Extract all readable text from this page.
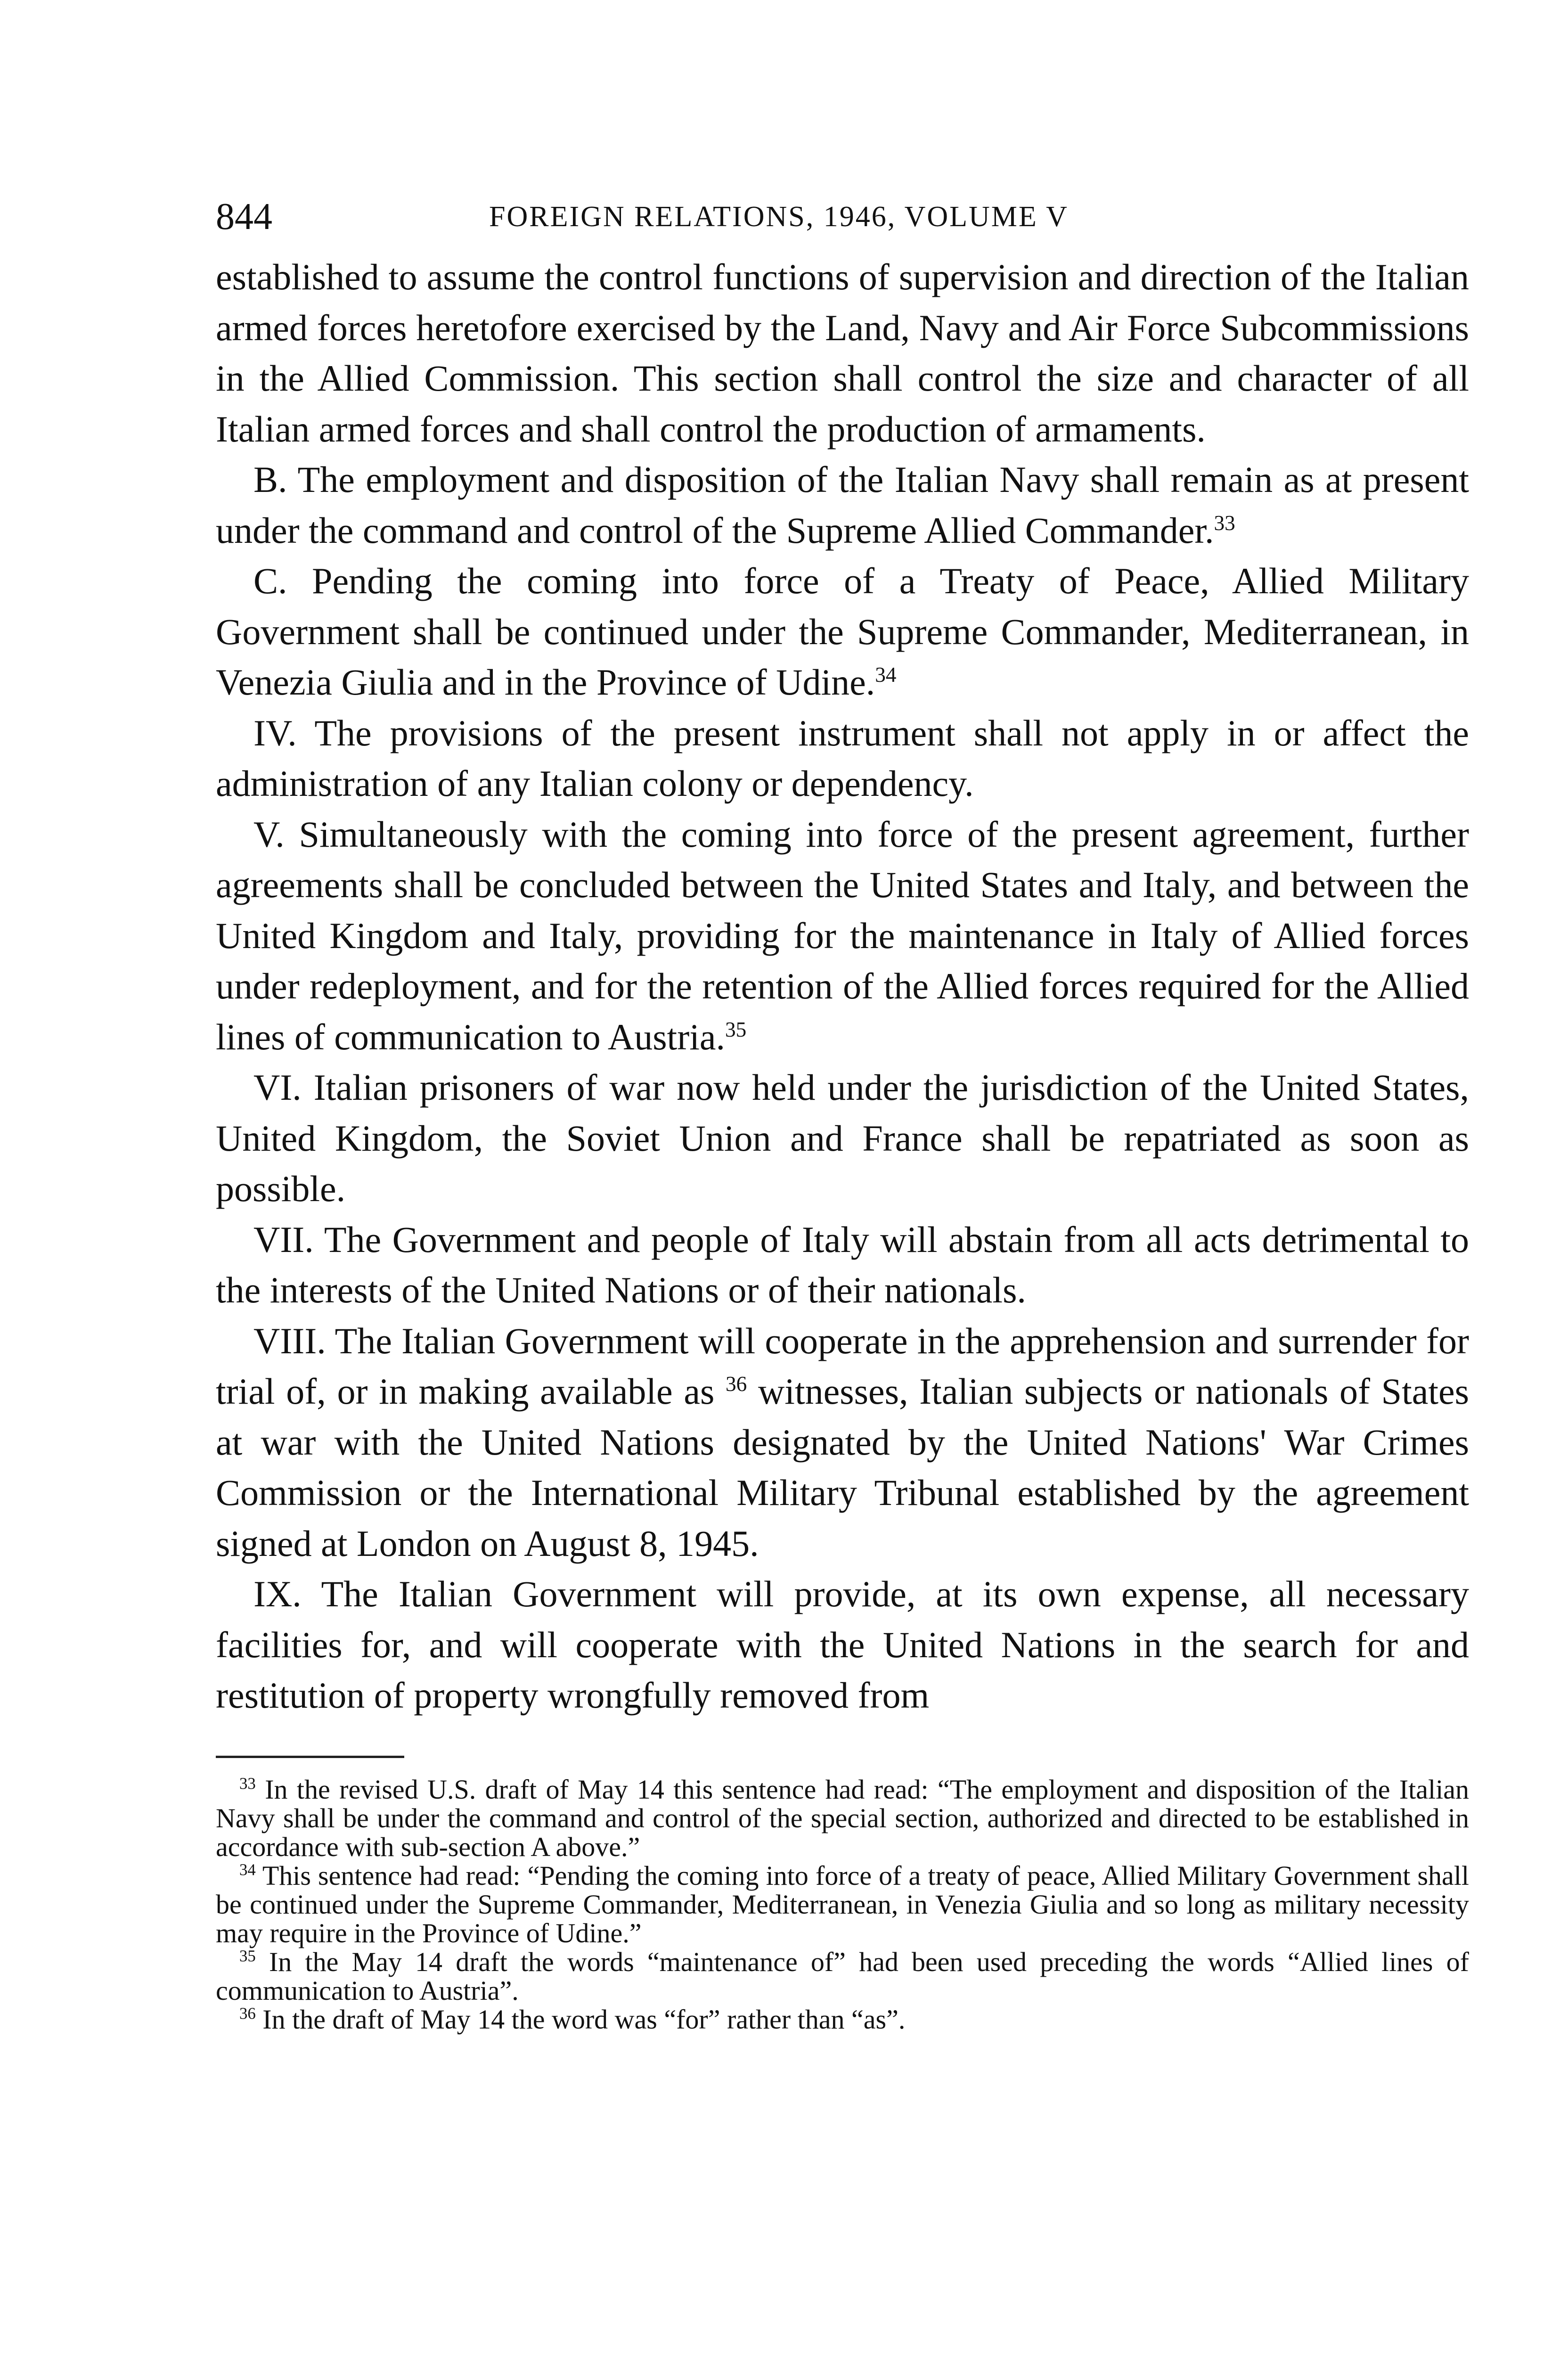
844	FOREIGN RELATIONS, 1946, VOLUME V

established to assume the control functions of supervision and direction of the Italian armed forces heretofore exercised by the Land, Navy and Air Force Subcommissions in the Allied Commission. This section shall control the size and character of all Italian armed forces and shall control the production of armaments.

B. The employment and disposition of the Italian Navy shall remain as at present under the command and control of the Supreme Allied Commander.$^{33}$

C. Pending the coming into force of a Treaty of Peace, Allied Military Government shall be continued under the Supreme Commander, Mediterranean, in Venezia Giulia and in the Province of Udine.$^{34}$

IV. The provisions of the present instrument shall not apply in or affect the administration of any Italian colony or dependency.

V. Simultaneously with the coming into force of the present agreement, further agreements shall be concluded between the United States and Italy, and between the United Kingdom and Italy, providing for the maintenance in Italy of Allied forces under redeployment, and for the retention of the Allied forces required for the Allied lines of communication to Austria.$^{35}$

VI. Italian prisoners of war now held under the jurisdiction of the United States, United Kingdom, the Soviet Union and France shall be repatriated as soon as possible.

VII. The Government and people of Italy will abstain from all acts detrimental to the interests of the United Nations or of their nationals.

VIII. The Italian Government will cooperate in the apprehension and surrender for trial of, or in making available as $^{36}$ witnesses, Italian subjects or nationals of States at war with the United Nations designated by the United Nations' War Crimes Commission or the International Military Tribunal established by the agreement signed at London on August 8, 1945.

IX. The Italian Government will provide, at its own expense, all necessary facilities for, and will cooperate with the United Nations in the search for and restitution of property wrongfully removed from

$^{33}$ In the revised U.S. draft of May 14 this sentence had read: “The employment and disposition of the Italian Navy shall be under the command and control of the special section, authorized and directed to be established in accordance with sub-section A above.”

$^{34}$ This sentence had read: “Pending the coming into force of a treaty of peace, Allied Military Government shall be continued under the Supreme Commander, Mediterranean, in Venezia Giulia and so long as military necessity may require in the Province of Udine.”

$^{35}$ In the May 14 draft the words “maintenance of” had been used preceding the words “Allied lines of communication to Austria”.

$^{36}$ In the draft of May 14 the word was “for” rather than “as”.
